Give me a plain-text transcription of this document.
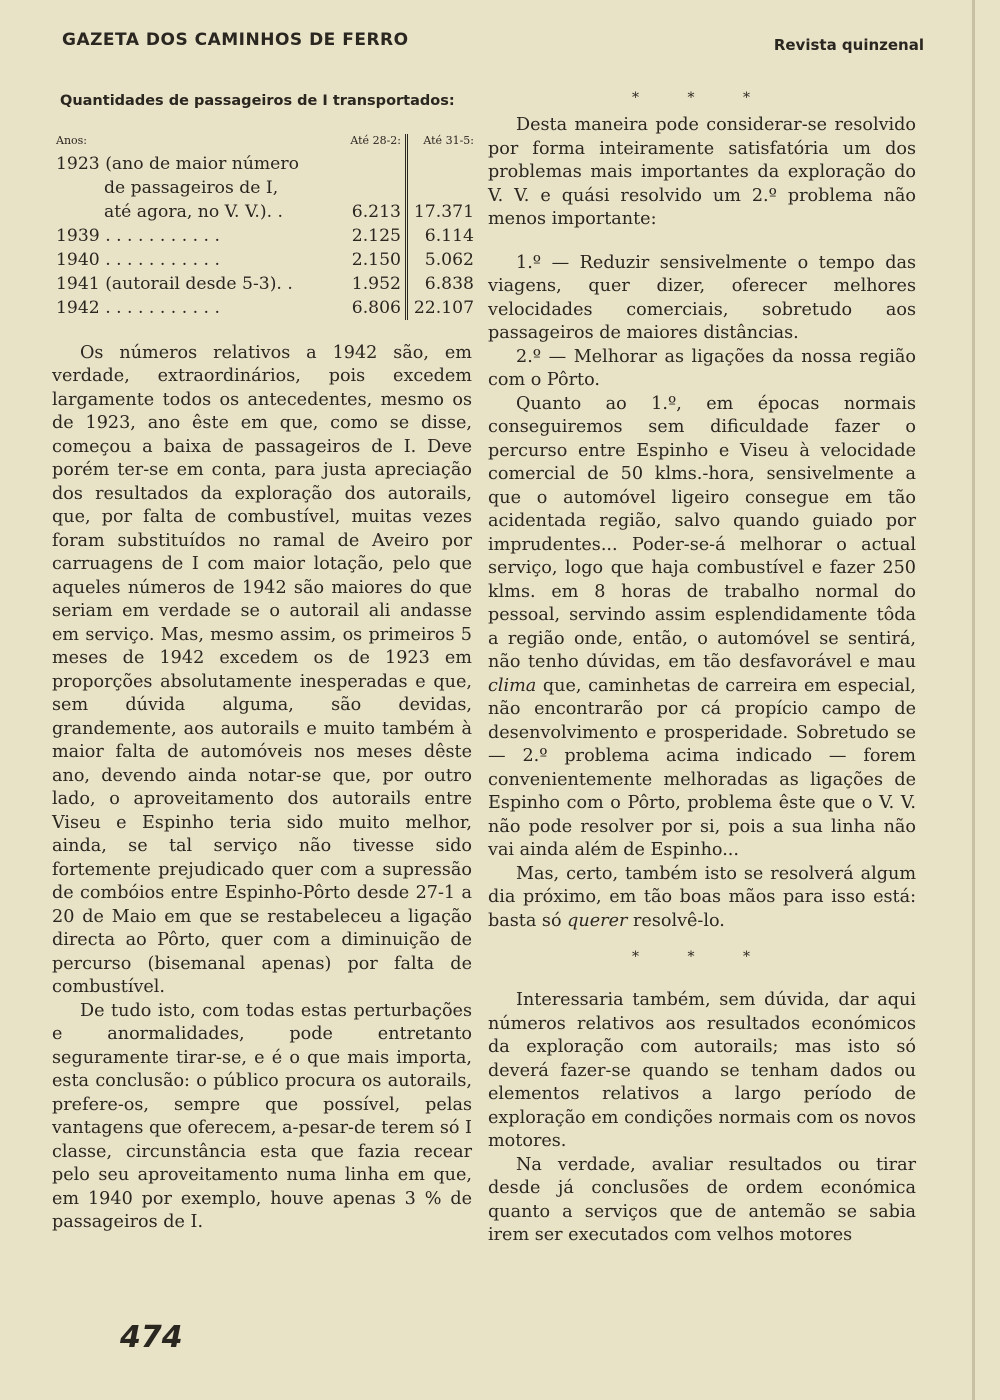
GAZETA DOS CAMINHOS DE FERRO	Revista quinzenal
Quantidades de passageiros de I transportados:
Anos:	Até 28-2:	Até 31-5:
1923 (ano de maior número		
de passageiros de I,		
até agora, no V. V.). .	6.213	17.371
1939 . . . . . . . . . . .	2.125	6.114
1940 . . . . . . . . . . .	2.150	5.062
1941 (autorail desde 5-3). .	1.952	6.838
1942 . . . . . . . . . . .	6.806	22.107

Os números relativos a 1942 são, em verdade, extraordinários, pois excedem largamente todos os antecedentes, mesmo os de 1923, ano êste em que, como se disse, começou a baixa de passageiros de I. Deve porém ter-se em conta, para justa apreciação dos resultados da exploração dos autorails, que, por falta de combustível, muitas vezes foram substituídos no ramal de Aveiro por carruagens de I com maior lotação, pelo que aqueles números de 1942 são maiores do que seriam em verdade se o autorail ali andasse em serviço. Mas, mesmo assim, os primeiros 5 meses de 1942 excedem os de 1923 em proporções absolutamente inesperadas e que, sem dúvida alguma, são devidas, grandemente, aos autorails e muito também à maior falta de automóveis nos meses dêste ano, devendo ainda notar-se que, por outro lado, o aproveitamento dos autorails entre Viseu e Espinho teria sido muito melhor, ainda, se tal serviço não tivesse sido fortemente prejudicado quer com a supressão de combóios entre Espinho-Pôrto desde 27-1 a 20 de Maio em que se restabeleceu a ligação directa ao Pôrto, quer com a diminuição de percurso (bisemanal apenas) por falta de combustível.

De tudo isto, com todas estas perturbações e anormalidades, pode entretanto seguramente tirar-se, e é o que mais importa, esta conclusão: o público procura os autorails, prefere-os, sempre que possível, pelas vantagens que oferecem, a-pesar-de terem só I classe, circunstância esta que fazia recear pelo seu aproveitamento numa linha em que, em 1940 por exemplo, houve apenas 3 % de passageiros de I.

* * *

Desta maneira pode considerar-se resolvido por forma inteiramente satisfatória um dos problemas mais importantes da exploração do V. V. e quási resolvido um 2.º problema não menos importante:

1.º — Reduzir sensivelmente o tempo das viagens, quer dizer, oferecer melhores velocidades comerciais, sobretudo aos passageiros de maiores distâncias.

2.º — Melhorar as ligações da nossa região com o Pôrto.

Quanto ao 1.º, em épocas normais conseguiremos sem dificuldade fazer o percurso entre Espinho e Viseu à velocidade comercial de 50 klms.-hora, sensivelmente a que o automóvel ligeiro consegue em tão acidentada região, salvo quando guiado por imprudentes... Poder-se-á melhorar o actual serviço, logo que haja combustível e fazer 250 klms. em 8 horas de trabalho normal do pessoal, servindo assim esplendidamente tôda a região onde, então, o automóvel se sentirá, não tenho dúvidas, em tão desfavorável e mau clima que, caminhetas de carreira em especial, não encontrarão por cá propício campo de desenvolvimento e prosperidade. Sobretudo se — 2.º problema acima indicado — forem convenientemente melhoradas as ligações de Espinho com o Pôrto, problema êste que o V. V. não pode resolver por si, pois a sua linha não vai ainda além de Espinho...

Mas, certo, também isto se resolverá algum dia próximo, em tão boas mãos para isso está: basta só querer resolvê-lo.

* * *

Interessaria também, sem dúvida, dar aqui números relativos aos resultados económicos da exploração com autorails; mas isto só deverá fazer-se quando se tenham dados ou elementos relativos a largo período de exploração em condições normais com os novos motores.

Na verdade, avaliar resultados ou tirar desde já conclusões de ordem económica quanto a serviços que de antemão se sabia irem ser executados com velhos motores

474
